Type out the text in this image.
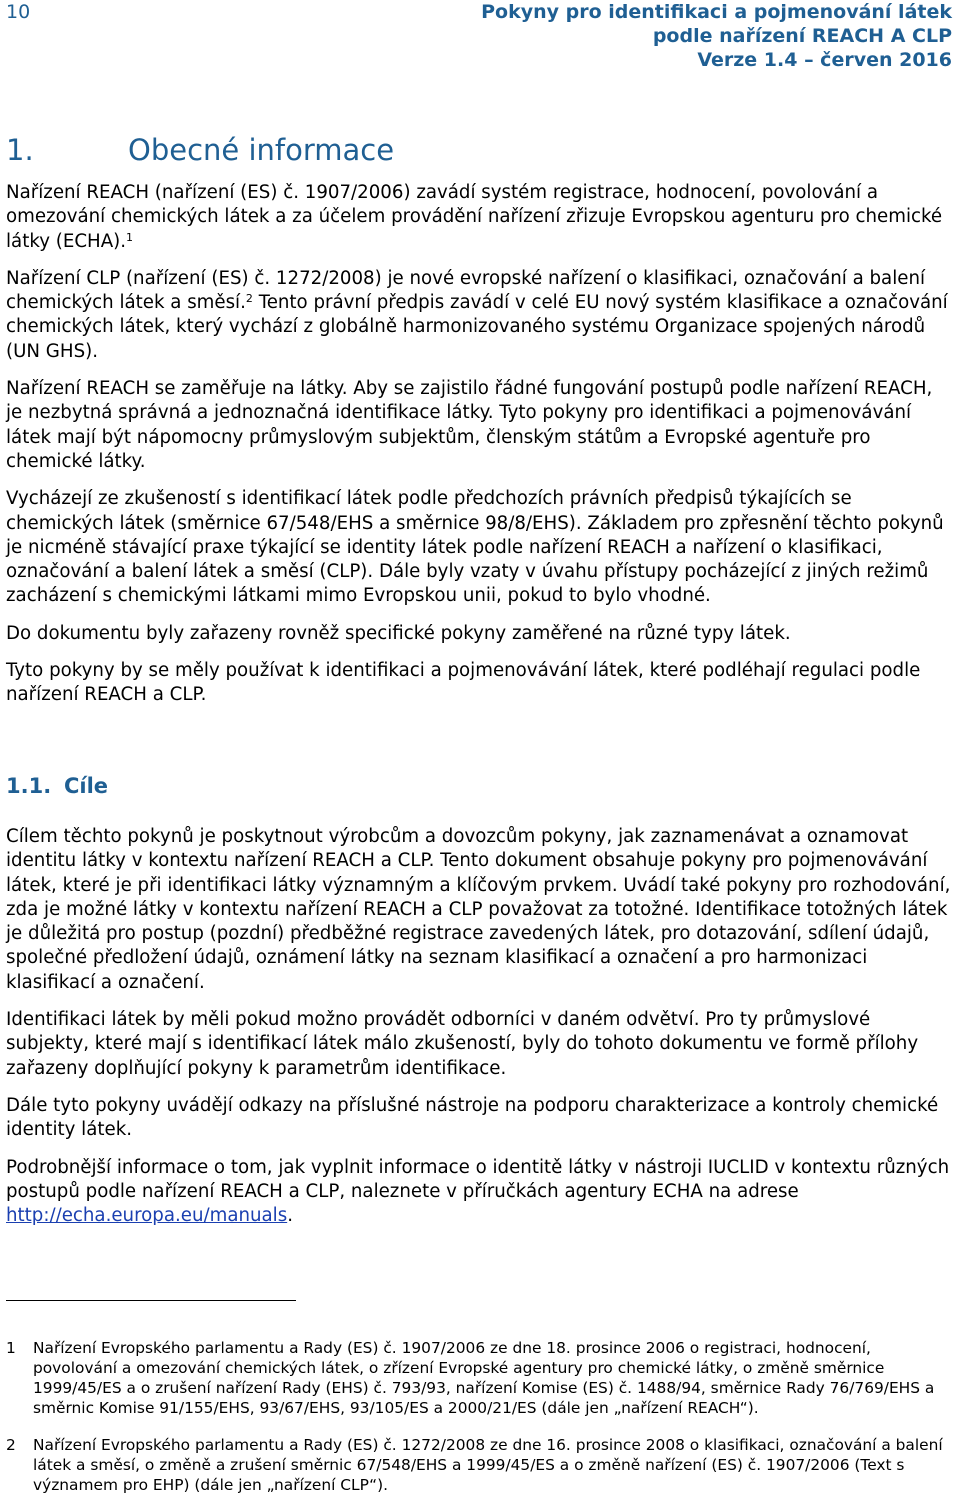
10	Pokyny pro identifikaci a pojmenování látek
podle nařízení REACH A CLP
Verze 1.4 – červen 2016
1.	Obecné informace

Nařízení REACH (nařízení (ES) č. 1907/2006) zavádí systém registrace, hodnocení, povolování a omezování chemických látek a za účelem provádění nařízení zřizuje Evropskou agenturu pro chemické látky (ECHA).$^1$

Nařízení CLP (nařízení (ES) č. 1272/2008) je nové evropské nařízení o klasifikaci, označování a balení chemických látek a směsí.$^2$ Tento právní předpis zavádí v celé EU nový systém klasifikace a označování chemických látek, který vychází z globálně harmonizovaného systému Organizace spojených národů (UN GHS).

Nařízení REACH se zaměřuje na látky. Aby se zajistilo řádné fungování postupů podle nařízení REACH, je nezbytná správná a jednoznačná identifikace látky. Tyto pokyny pro identifikaci a pojmenovávání látek mají být nápomocny průmyslovým subjektům, členským státům a Evropské agentuře pro chemické látky.

Vycházejí ze zkušeností s identifikací látek podle předchozích právních předpisů týkajících se chemických látek (směrnice 67/548/EHS a směrnice 98/8/EHS). Základem pro zpřesnění těchto pokynů je nicméně stávající praxe týkající se identity látek podle nařízení REACH a nařízení o klasifikaci, označování a balení látek a směsí (CLP). Dále byly vzaty v úvahu přístupy pocházející z jiných režimů zacházení s chemickými látkami mimo Evropskou unii, pokud to bylo vhodné.

Do dokumentu byly zařazeny rovněž specifické pokyny zaměřené na různé typy látek.

Tyto pokyny by se měly používat k identifikaci a pojmenovávání látek, které podléhají regulaci podle nařízení REACH a CLP.

1.1. Cíle

Cílem těchto pokynů je poskytnout výrobcům a dovozcům pokyny, jak zaznamenávat a oznamovat identitu látky v kontextu nařízení REACH a CLP. Tento dokument obsahuje pokyny pro pojmenovávání látek, které je při identifikaci látky významným a klíčovým prvkem. Uvádí také pokyny pro rozhodování, zda je možné látky v kontextu nařízení REACH a CLP považovat za totožné. Identifikace totožných látek je důležitá pro postup (pozdní) předběžné registrace zavedených látek, pro dotazování, sdílení údajů, společné předložení údajů, oznámení látky na seznam klasifikací a označení a pro harmonizaci klasifikací a označení.

Identifikaci látek by měli pokud možno provádět odborníci v daném odvětví. Pro ty průmyslové subjekty, které mají s identifikací látek málo zkušeností, byly do tohoto dokumentu ve formě přílohy zařazeny doplňující pokyny k parametrům identifikace.

Dále tyto pokyny uvádějí odkazy na příslušné nástroje na podporu charakterizace a kontroly chemické identity látek.

Podrobnější informace o tom, jak vyplnit informace o identitě látky v nástroji IUCLID v kontextu různých postupů podle nařízení REACH a CLP, naleznete v příručkách agentury ECHA na adrese http://echa.europa.eu/manuals.

1 Nařízení Evropského parlamentu a Rady (ES) č. 1907/2006 ze dne 18. prosince 2006 o registraci, hodnocení, povolování a omezování chemických látek, o zřízení Evropské agentury pro chemické látky, o změně směrnice 1999/45/ES a o zrušení nařízení Rady (EHS) č. 793/93, nařízení Komise (ES) č. 1488/94, směrnice Rady 76/769/EHS a směrnic Komise 91/155/EHS, 93/67/EHS, 93/105/ES a 2000/21/ES (dále jen „nařízení REACH“).
2 Nařízení Evropského parlamentu a Rady (ES) č. 1272/2008 ze dne 16. prosince 2008 o klasifikaci, označování a balení látek a směsí, o změně a zrušení směrnic 67/548/EHS a 1999/45/ES a o změně nařízení (ES) č. 1907/2006 (Text s významem pro EHP) (dále jen „nařízení CLP“).
